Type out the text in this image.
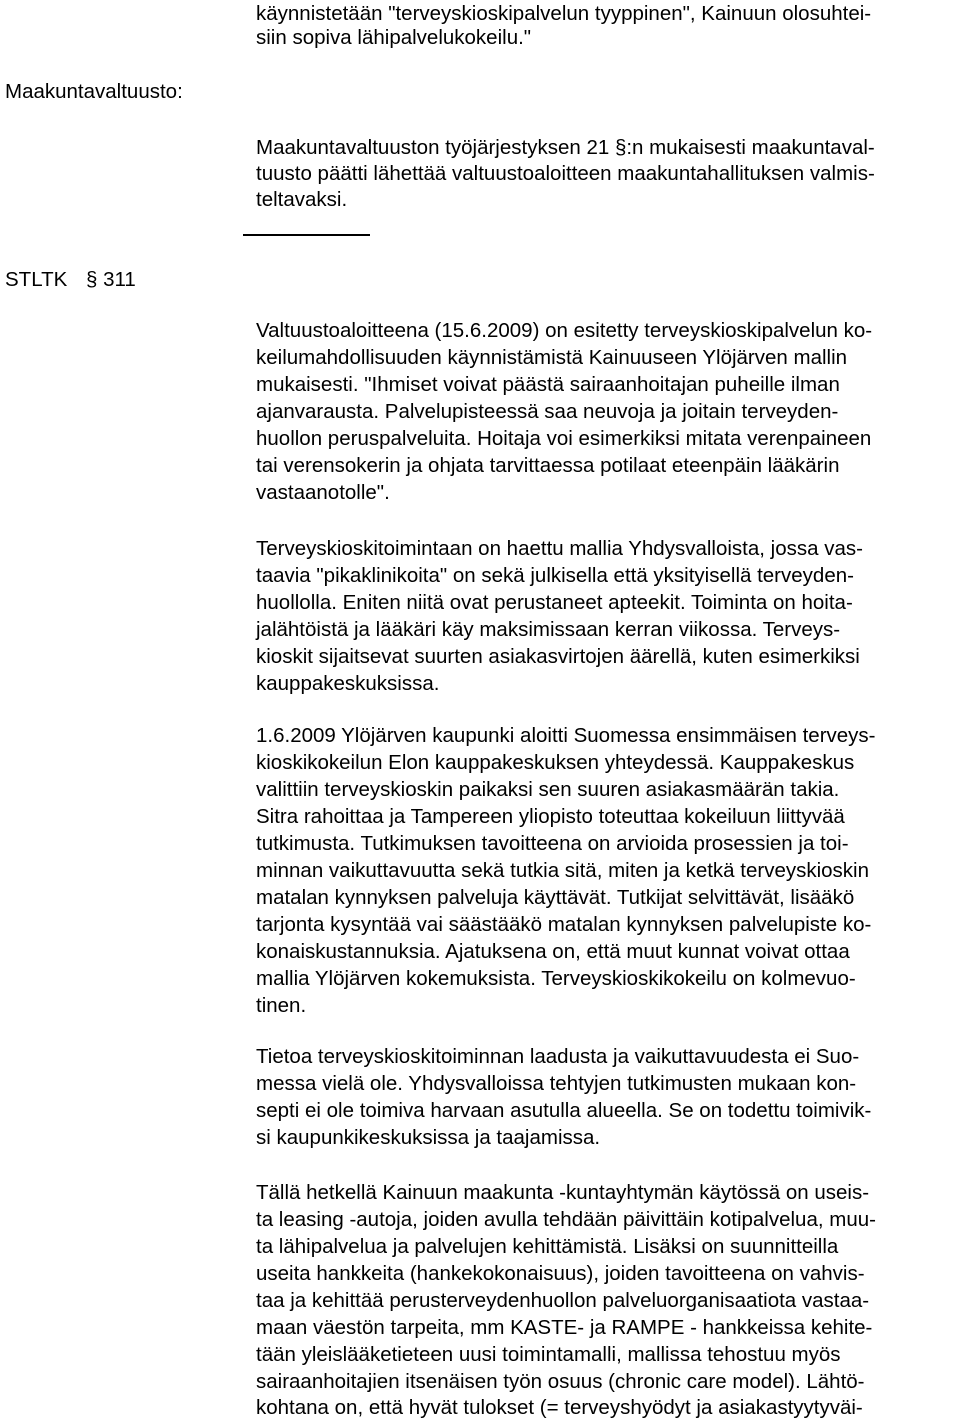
Maakuntavaltuusto:
STLTK § 311
käynnistetään "terveyskioskipalvelun tyyppinen", Kainuun olosuhtei-
siin sopiva lähipalvelukokeilu."
Maakuntavaltuuston työjärjestyksen 21 §:n mukaisesti maakuntaval-
tuusto päätti lähettää valtuustoaloitteen maakuntahallituksen valmis-
teltavaksi.
Valtuustoaloitteena (15.6.2009) on esitetty terveyskioskipalvelun ko-
keilumahdollisuuden käynnistämistä Kainuuseen Ylöjärven mallin
mukaisesti. "Ihmiset voivat päästä sairaanhoitajan puheille ilman
ajanvarausta. Palvelupisteessä saa neuvoja ja joitain terveyden-
huollon peruspalveluita. Hoitaja voi esimerkiksi mitata verenpaineen
tai verensokerin ja ohjata tarvittaessa potilaat eteenpäin lääkärin
vastaanotolle".
Terveyskioskitoimintaan on haettu mallia Yhdysvalloista, jossa vas-
taavia "pikaklinikoita" on sekä julkisella että yksityisellä terveyden-
huollolla. Eniten niitä ovat perustaneet apteekit. Toiminta on hoita-
jalähtöistä ja lääkäri käy maksimissaan kerran viikossa. Terveys-
kioskit sijaitsevat suurten asiakasvirtojen äärellä, kuten esimerkiksi
kauppakeskuksissa.
1.6.2009 Ylöjärven kaupunki aloitti Suomessa ensimmäisen terveys-
kioskikokeilun Elon kauppakeskuksen yhteydessä. Kauppakeskus
valittiin terveyskioskin paikaksi sen suuren asiakasmäärän takia.
Sitra rahoittaa ja Tampereen yliopisto toteuttaa kokeiluun liittyvää
tutkimusta. Tutkimuksen tavoitteena on arvioida prosessien ja toi-
minnan vaikuttavuutta sekä tutkia sitä, miten ja ketkä terveyskioskin
matalan kynnyksen palveluja käyttävät. Tutkijat selvittävät, lisääkö
tarjonta kysyntää vai säästääkö matalan kynnyksen palvelupiste ko-
konaiskustannuksia. Ajatuksena on, että muut kunnat voivat ottaa
mallia Ylöjärven kokemuksista. Terveyskioskikokeilu on kolmevuo-
tinen.
Tietoa terveyskioskitoiminnan laadusta ja vaikuttavuudesta ei Suo-
messa vielä ole. Yhdysvalloissa tehtyjen tutkimusten mukaan kon-
septi ei ole toimiva harvaan asutulla alueella. Se on todettu toimivik-
si kaupunkikeskuksissa ja taajamissa.
Tällä hetkellä Kainuun maakunta -kuntayhtymän käytössä on useis-
ta leasing -autoja, joiden avulla tehdään päivittäin kotipalvelua, muu-
ta lähipalvelua ja palvelujen kehittämistä. Lisäksi on suunnitteilla
useita hankkeita (hankekokonaisuus), joiden tavoitteena on vahvis-
taa ja kehittää perusterveydenhuollon palveluorganisaatiota vastaa-
maan väestön tarpeita, mm KASTE- ja RAMPE - hankkeissa kehite-
tään yleislääketieteen uusi toimintamalli, mallissa tehostuu myös
sairaanhoitajien itsenäisen työn osuus (chronic care model). Lähtö-
kohtana on, että hyvät tulokset (= terveyshyödyt ja asiakastyytyväi-
